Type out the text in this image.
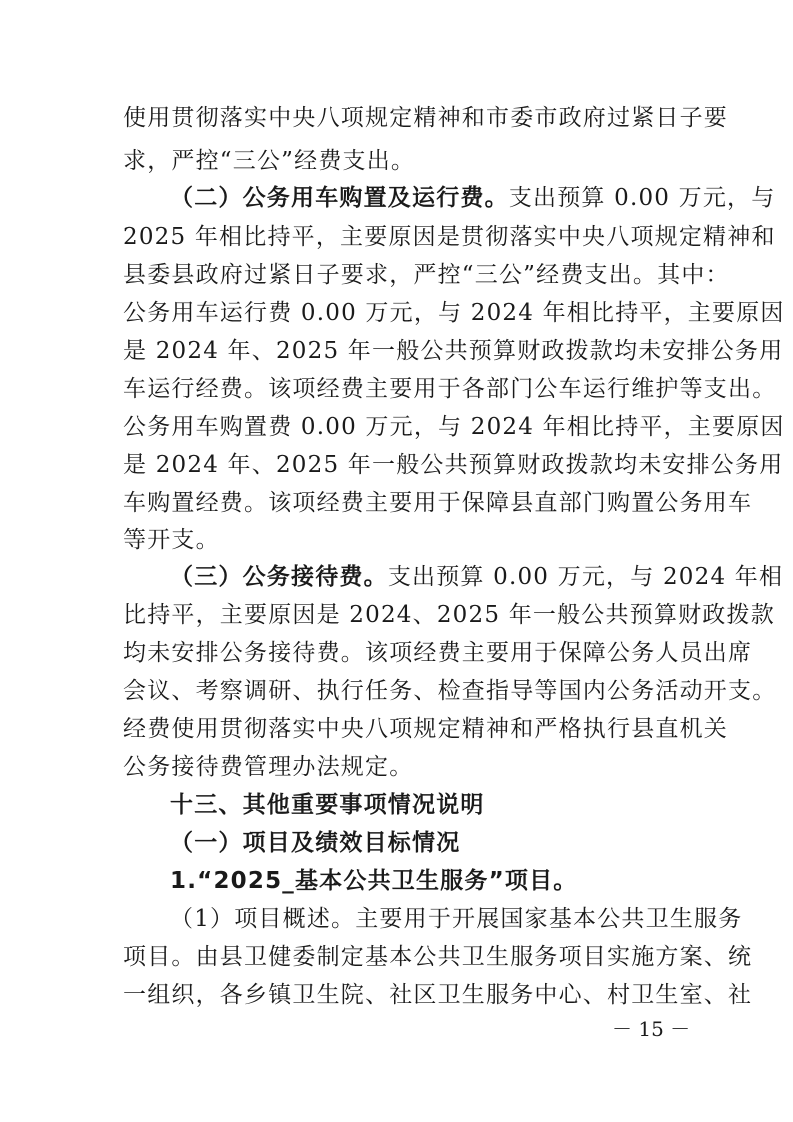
使用贯彻落实中央八项规定精神和市委市政府过紧日子要
求，严控“三公”经费支出。
（二）公务用车购置及运行费。支出预算 0.00 万元，与
2025 年相比持平，主要原因是贯彻落实中央八项规定精神和
县委县政府过紧日子要求，严控“三公”经费支出。其中：
公务用车运行费 0.00 万元，与 2024 年相比持平，主要原因
是 2024 年、2025 年一般公共预算财政拨款均未安排公务用
车运行经费。该项经费主要用于各部门公车运行维护等支出。
公务用车购置费 0.00 万元，与 2024 年相比持平，主要原因
是 2024 年、2025 年一般公共预算财政拨款均未安排公务用
车购置经费。该项经费主要用于保障县直部门购置公务用车
等开支。
（三）公务接待费。支出预算 0.00 万元，与 2024 年相
比持平，主要原因是 2024、2025 年一般公共预算财政拨款
均未安排公务接待费。该项经费主要用于保障公务人员出席
会议、考察调研、执行任务、检查指导等国内公务活动开支。
经费使用贯彻落实中央八项规定精神和严格执行县直机关
公务接待费管理办法规定。
十三、其他重要事项情况说明
（一）项目及绩效目标情况
1.“2025_基本公共卫生服务”项目。
（1）项目概述。主要用于开展国家基本公共卫生服务
项目。由县卫健委制定基本公共卫生服务项目实施方案、统
一组织，各乡镇卫生院、社区卫生服务中心、村卫生室、社
－ 15 －
